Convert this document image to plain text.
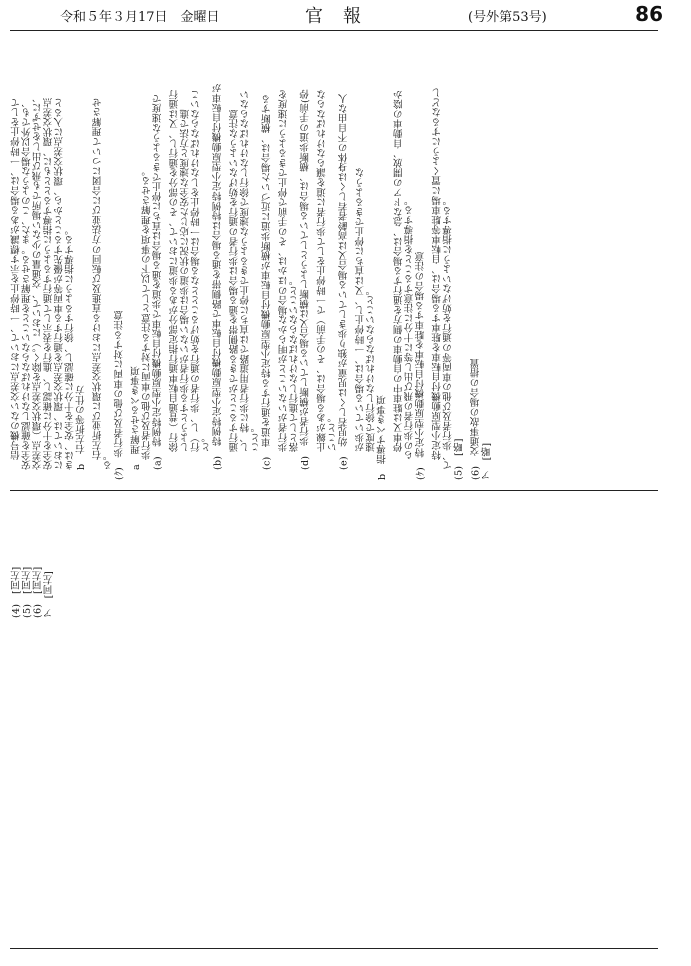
令和５年３月17日　金曜日	官報	(号外第53号)	86
信号機のない交差点において、一時停止を示す標識がある場合は、一時停止をして 安全を確認しなければならないことを理解させる。また、このような場合以外でも、 交差点（環状交差点を除く。）において、交通量の少ない場所でも飛び出しをせずに、 安全を十分に確認し、進行を表示して通行するように指導するとともに、環状交差点 においては、環状交差点を通行する車両等が優先することから、環状交差点に入ると きは、安全を十分に確認し、徐行するように指導する。 b　右左折等の仕方 右左折並びに環状交差点における直進及び転回の方法並びに合図について理解させ
る。 (ｸ)　歩行者及び他の車両に対する注意 a　理解させるべき事項 歩行者及び他の車両に対する注意として以下の事項を理解させる。 (a)　特例特定小型原動機付自転車で歩道を通る場合は直ちに停止できるような速度で 徐行（普通自転車通行指定部分がある歩道において、その部分を通行し、又は通行 しようとする歩行者がいない場合は歩道の状況に応じた安全な速度と方法で進 行）し、歩行者の通行を妨げることとなる場合は一時停止をしなければならないこ と。 (b)　特例特定小型原動機付自転車で路側帯を通る場合は特例特定小型原動機付自転車が 通行することができる路側帯を通る場合は歩行者の通行を妨げないような注意 し、特に歩行者用道路では直ちに停止できるような速度で徐行しなければならない こと。 (c)　車道を通行する特定小型原動機付自転車が横断歩道に近づいた場合は、横断する 歩行者がいないことが明らかな場合のほかは、その手前で停止できるように速度を 落として進行しなければならないこと。 (d)　歩行者が横断している場合又は横断しようとしている場合は、横断歩道の手前(停 止線がある場合は、その手前）で一時停止をして歩行者に道を譲らなければならな いこと。 (e)　幼児若しくは児童が独り歩きしている場合又は高齢者若しくは身体の不自由な人 が歩いている場合は、一時停止し、又は直ちに停止できるような 速度で徐行しなければならないこと。 b　指導すべき事項 停車又は駐車中の自動車の側方を通行する場合は、急なドアの開放、自動車の陰か らの歩行者の飛び出し等に十分に注意することを指導する。 (ｹ)　特定小型原動機付自転車を駐車する場合の注意 特定小型原動機付自転車を駐車する場合は、自転車等駐車場に置くようにするなどし て、歩行者及び他の車両等の通行を妨げないように指導する。 (5)　[略] (6)　交通事故の場合の措置 ア　[略]
(4)　[同左] (5)　[同左] (6)　[同左] ア　[同左]
